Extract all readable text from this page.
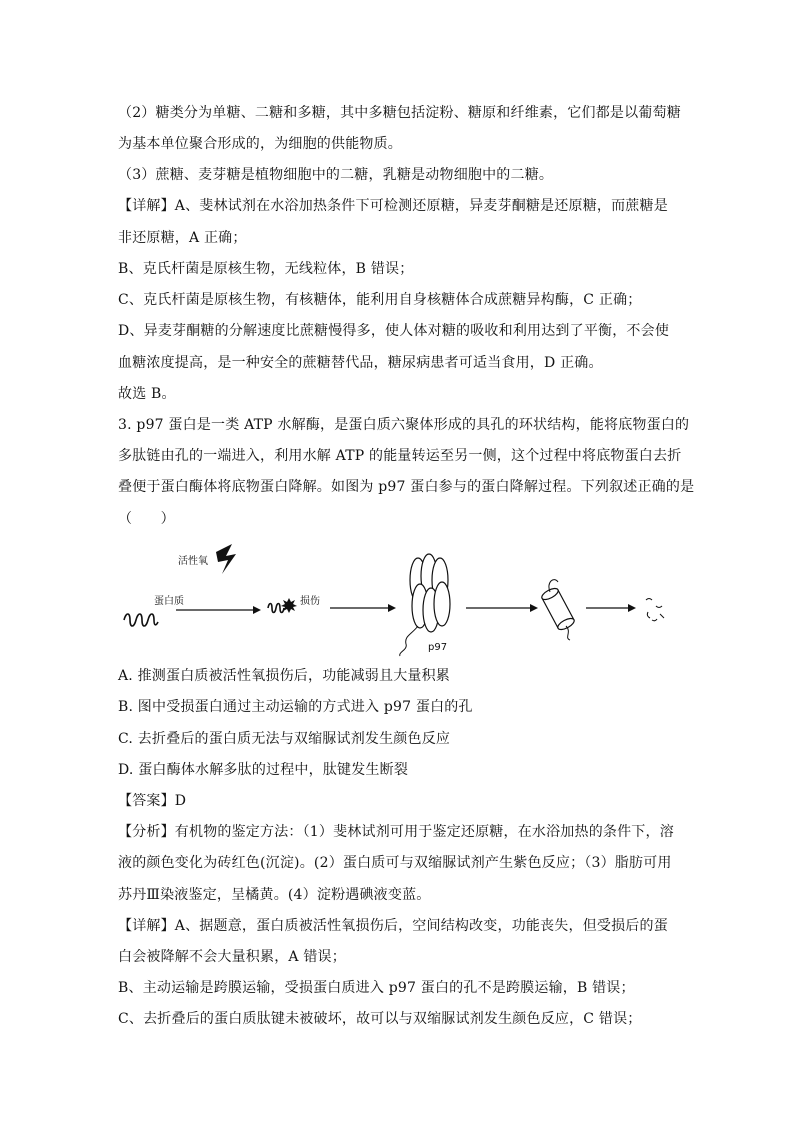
（2）糖类分为单糖、二糖和多糖，其中多糖包括淀粉、糖原和纤维素，它们都是以葡萄糖
为基本单位聚合形成的，为细胞的供能物质。
（3）蔗糖、麦芽糖是植物细胞中的二糖，乳糖是动物细胞中的二糖。
【详解】A、斐林试剂在水浴加热条件下可检测还原糖，异麦芽酮糖是还原糖，而蔗糖是
非还原糖，A 正确；
B、克氏杆菌是原核生物，无线粒体，B 错误；
C、克氏杆菌是原核生物，有核糖体，能利用自身核糖体合成蔗糖异构酶，C 正确；
D、异麦芽酮糖的分解速度比蔗糖慢得多，使人体对糖的吸收和利用达到了平衡，不会使
血糖浓度提高，是一种安全的蔗糖替代品，糖尿病患者可适当食用，D 正确。
故选 B。
3. p97 蛋白是一类 ATP 水解酶，是蛋白质六聚体形成的具孔的环状结构，能将底物蛋白的
多肽链由孔的一端进入，利用水解 ATP 的能量转运至另一侧，这个过程中将底物蛋白去折
叠便于蛋白酶体将底物蛋白降解。如图为 p97 蛋白参与的蛋白降解过程。下列叙述正确的是
（　　）
活性氧
蛋白质	损伤
p97
A. 推测蛋白质被活性氧损伤后，功能减弱且大量积累
B. 图中受损蛋白通过主动运输的方式进入 p97 蛋白的孔
C. 去折叠后的蛋白质无法与双缩脲试剂发生颜色反应
D. 蛋白酶体水解多肽的过程中，肽键发生断裂
【答案】D
【分析】有机物的鉴定方法：（1）斐林试剂可用于鉴定还原糖，在水浴加热的条件下，溶
液的颜色变化为砖红色(沉淀)。(2）蛋白质可与双缩脲试剂产生紫色反应；（3）脂肪可用
苏丹Ⅲ染液鉴定，呈橘黄。(4）淀粉遇碘液变蓝。
【详解】A、据题意，蛋白质被活性氧损伤后，空间结构改变，功能丧失，但受损后的蛋
白会被降解不会大量积累，A 错误；
B、主动运输是跨膜运输，受损蛋白质进入 p97 蛋白的孔不是跨膜运输，B 错误；
C、去折叠后的蛋白质肽键未被破坏，故可以与双缩脲试剂发生颜色反应，C 错误；
